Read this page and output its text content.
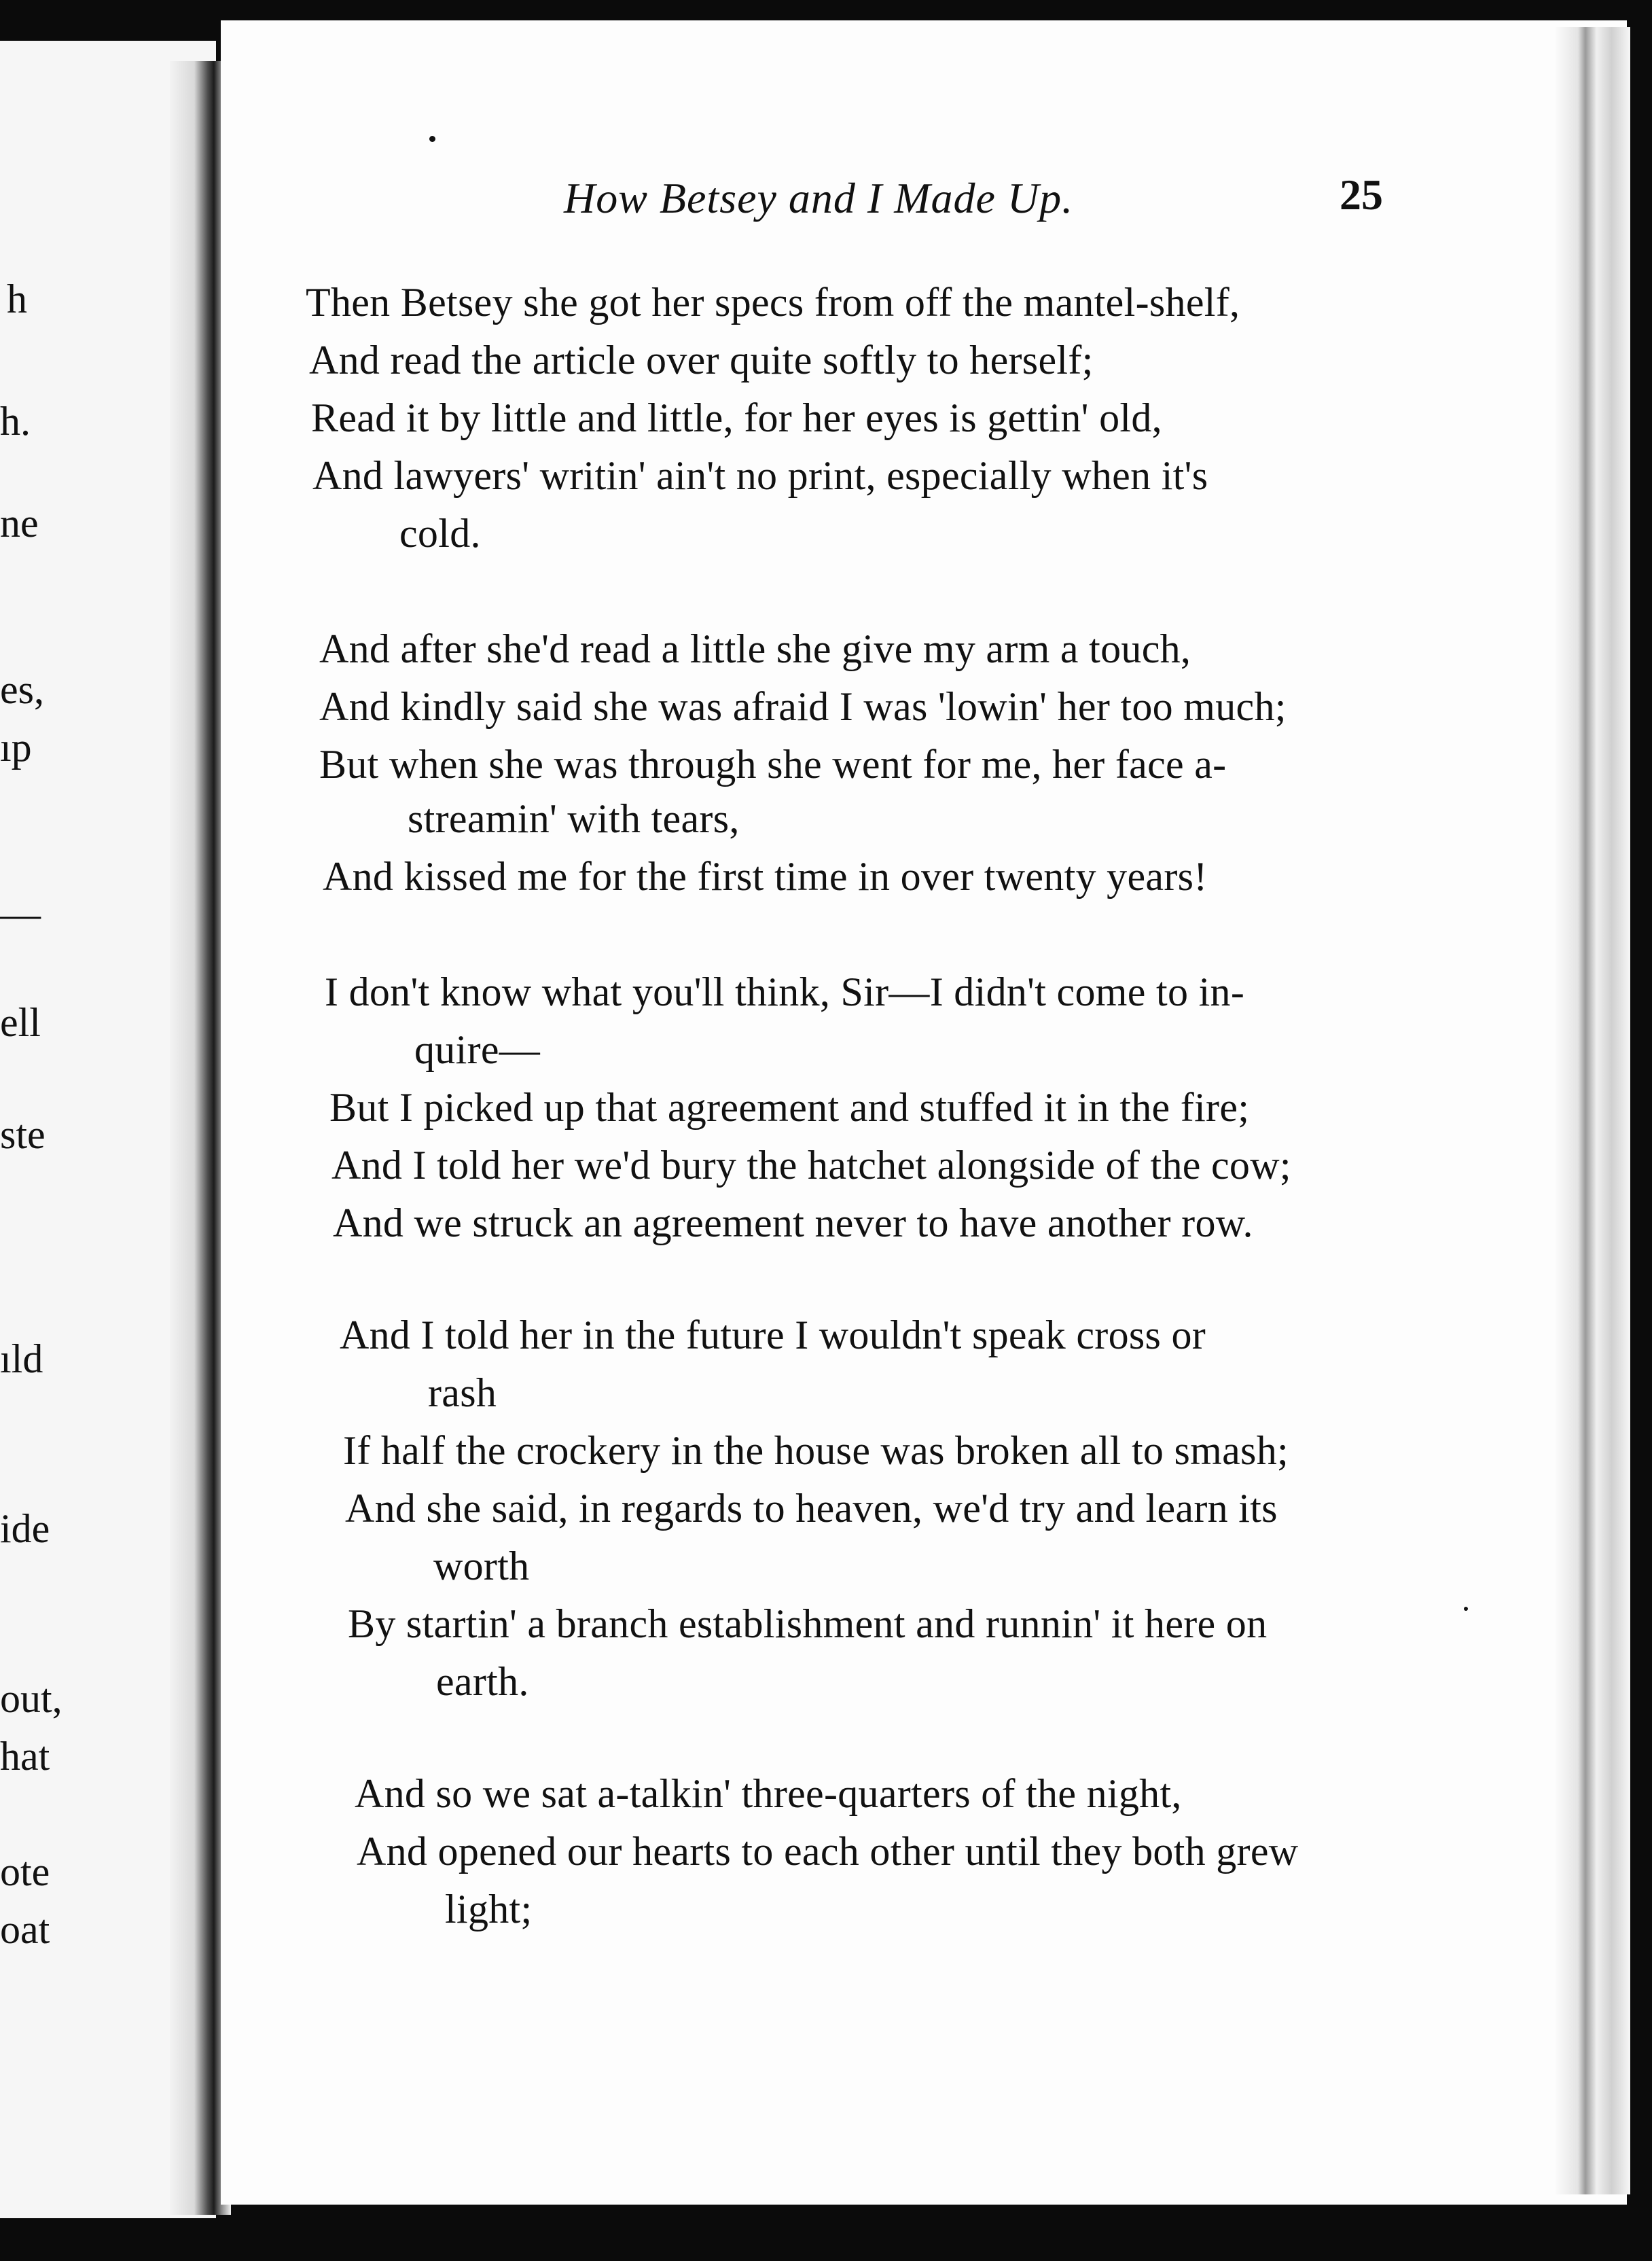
h
h.
ne
es,
ıp
—
ell
ste
ıld
ide
out,
hat
ote
oat
How Betsey and I Made Up.	25
Then Betsey she got her specs from off the mantel-shelf,
And read the article over quite softly to herself;
Read it by little and little, for her eyes is gettin' old,
And lawyers' writin' ain't no print, especially when it's
cold.
And after she'd read a little she give my arm a touch,
And kindly said she was afraid I was 'lowin' her too much;
But when she was through she went for me, her face a-
streamin' with tears,
And kissed me for the first time in over twenty years!
I don't know what you'll think, Sir—I didn't come to in-
quire—
But I picked up that agreement and stuffed it in the fire;
And I told her we'd bury the hatchet alongside of the cow;
And we struck an agreement never to have another row.
And I told her in the future I wouldn't speak cross or
rash
If half the crockery in the house was broken all to smash;
And she said, in regards to heaven, we'd try and learn its
worth
By startin' a branch establishment and runnin' it here on
earth.
And so we sat a-talkin' three-quarters of the night,
And opened our hearts to each other until they both grew
light;
